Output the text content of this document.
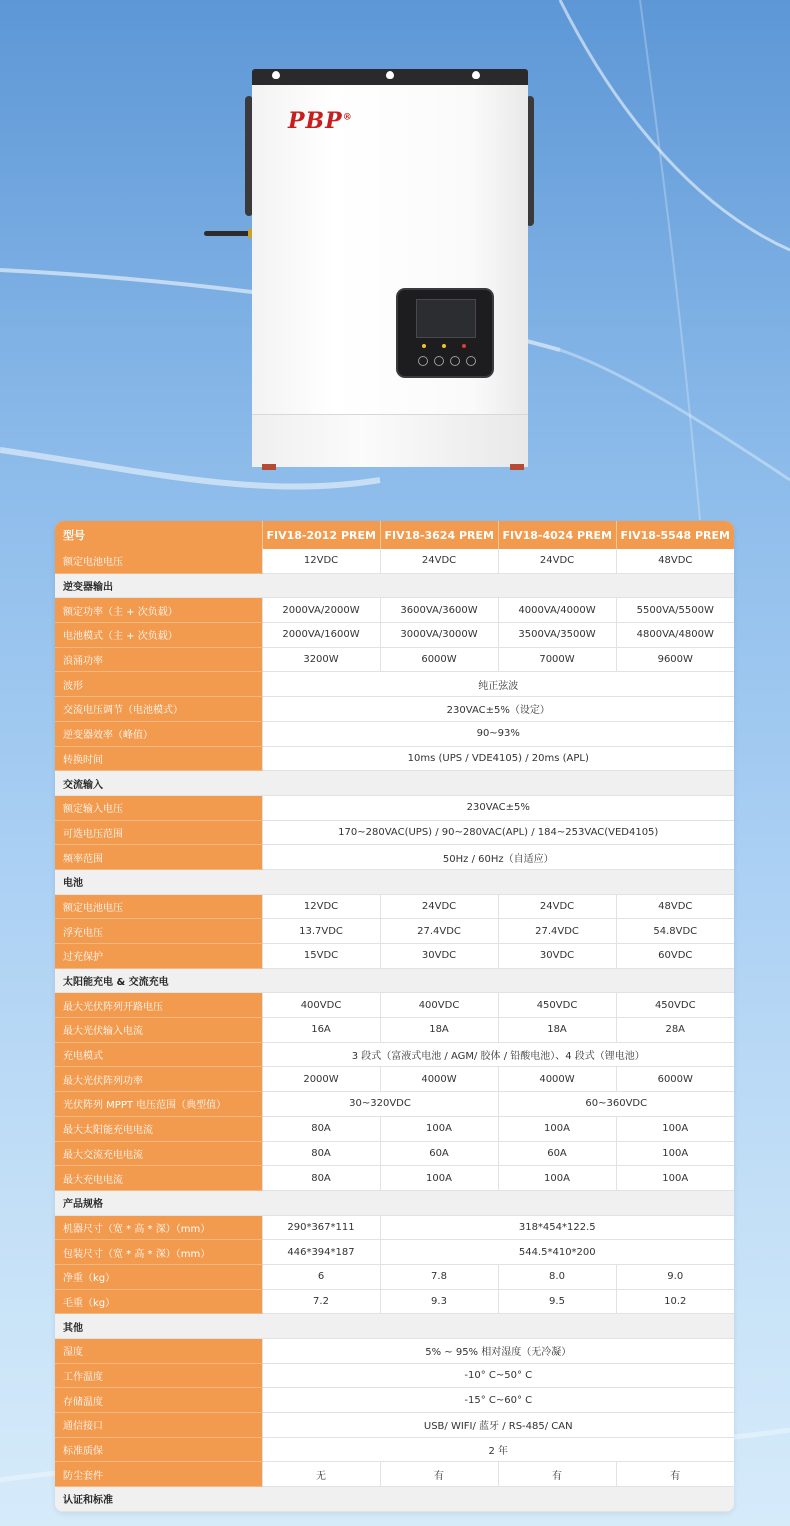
PBP®
型号	FIV18-2012 PREM	FIV18-3624 PREM	FIV18-4024 PREM	FIV18-5548 PREM
额定电池电压	12VDC	24VDC	24VDC	48VDC
逆变器输出				
额定功率（主 + 次负载）	2000VA/2000W	3600VA/3600W	4000VA/4000W	5500VA/5500W
电池模式（主 + 次负载）	2000VA/1600W	3000VA/3000W	3500VA/3500W	4800VA/4800W
浪涌功率	3200W	6000W	7000W	9600W
波形	纯正弦波			
交流电压调节（电池模式）	230VAC±5%（设定）			
逆变器效率（峰值）	90~93%			
转换时间	10ms (UPS / VDE4105) / 20ms (APL)			
交流输入				
额定输入电压	230VAC±5%			
可选电压范围	170~280VAC(UPS) / 90~280VAC(APL) / 184~253VAC(VED4105)			
频率范围	50Hz / 60Hz（自适应）			
电池				
额定电池电压	12VDC	24VDC	24VDC	48VDC
浮充电压	13.7VDC	27.4VDC	27.4VDC	54.8VDC
过充保护	15VDC	30VDC	30VDC	60VDC
太阳能充电 & 交流充电				
最大光伏阵列开路电压	400VDC	400VDC	450VDC	450VDC
最大光伏输入电流	16A	18A	18A	28A
充电模式	3 段式（富液式电池 / AGM/ 胶体 / 铅酸电池）、4 段式（锂电池）			
最大光伏阵列功率	2000W	4000W	4000W	6000W
光伏阵列 MPPT 电压范围（典型值）	30~320VDC		60~360VDC	
最大太阳能充电电流	80A	100A	100A	100A
最大交流充电电流	80A	60A	60A	100A
最大充电电流	80A	100A	100A	100A
产品规格				
机器尺寸（宽 * 高 * 深）（mm）	290*367*111	318*454*122.5		
包装尺寸（宽 * 高 * 深）（mm）	446*394*187	544.5*410*200		
净重（kg）	6	7.8	8.0	9.0
毛重（kg）	7.2	9.3	9.5	10.2
其他				
湿度	5% ~ 95% 相对湿度（无冷凝）			
工作温度	-10° C~50° C			
存储温度	-15° C~60° C			
通信接口	USB/ WIFI/ 蓝牙 / RS-485/ CAN			
标准质保	2 年			
防尘套件	无	有	有	有
认证和标准				
